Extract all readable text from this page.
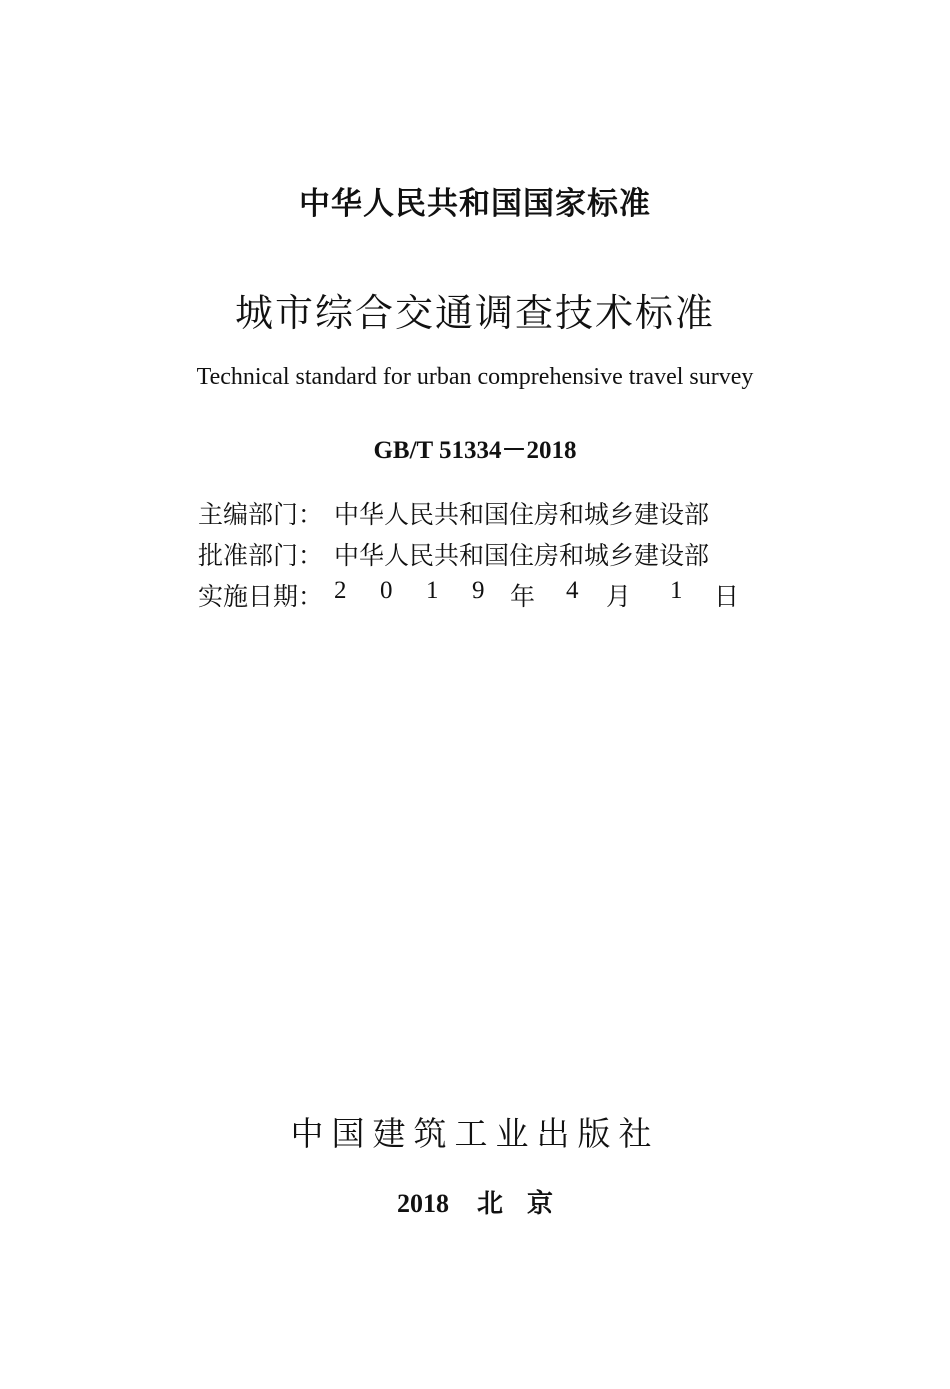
中华人民共和国国家标准
城市综合交通调查技术标准
Technical standard for urban comprehensive travel survey
GB/T 51334－2018
主编部门： 中华人民共和国住房和城乡建设部
批准部门： 中华人民共和国住房和城乡建设部
实施日期： 2 0 1 9 年 4 月 1 日
中国建筑工业出版社
2018 北 京
